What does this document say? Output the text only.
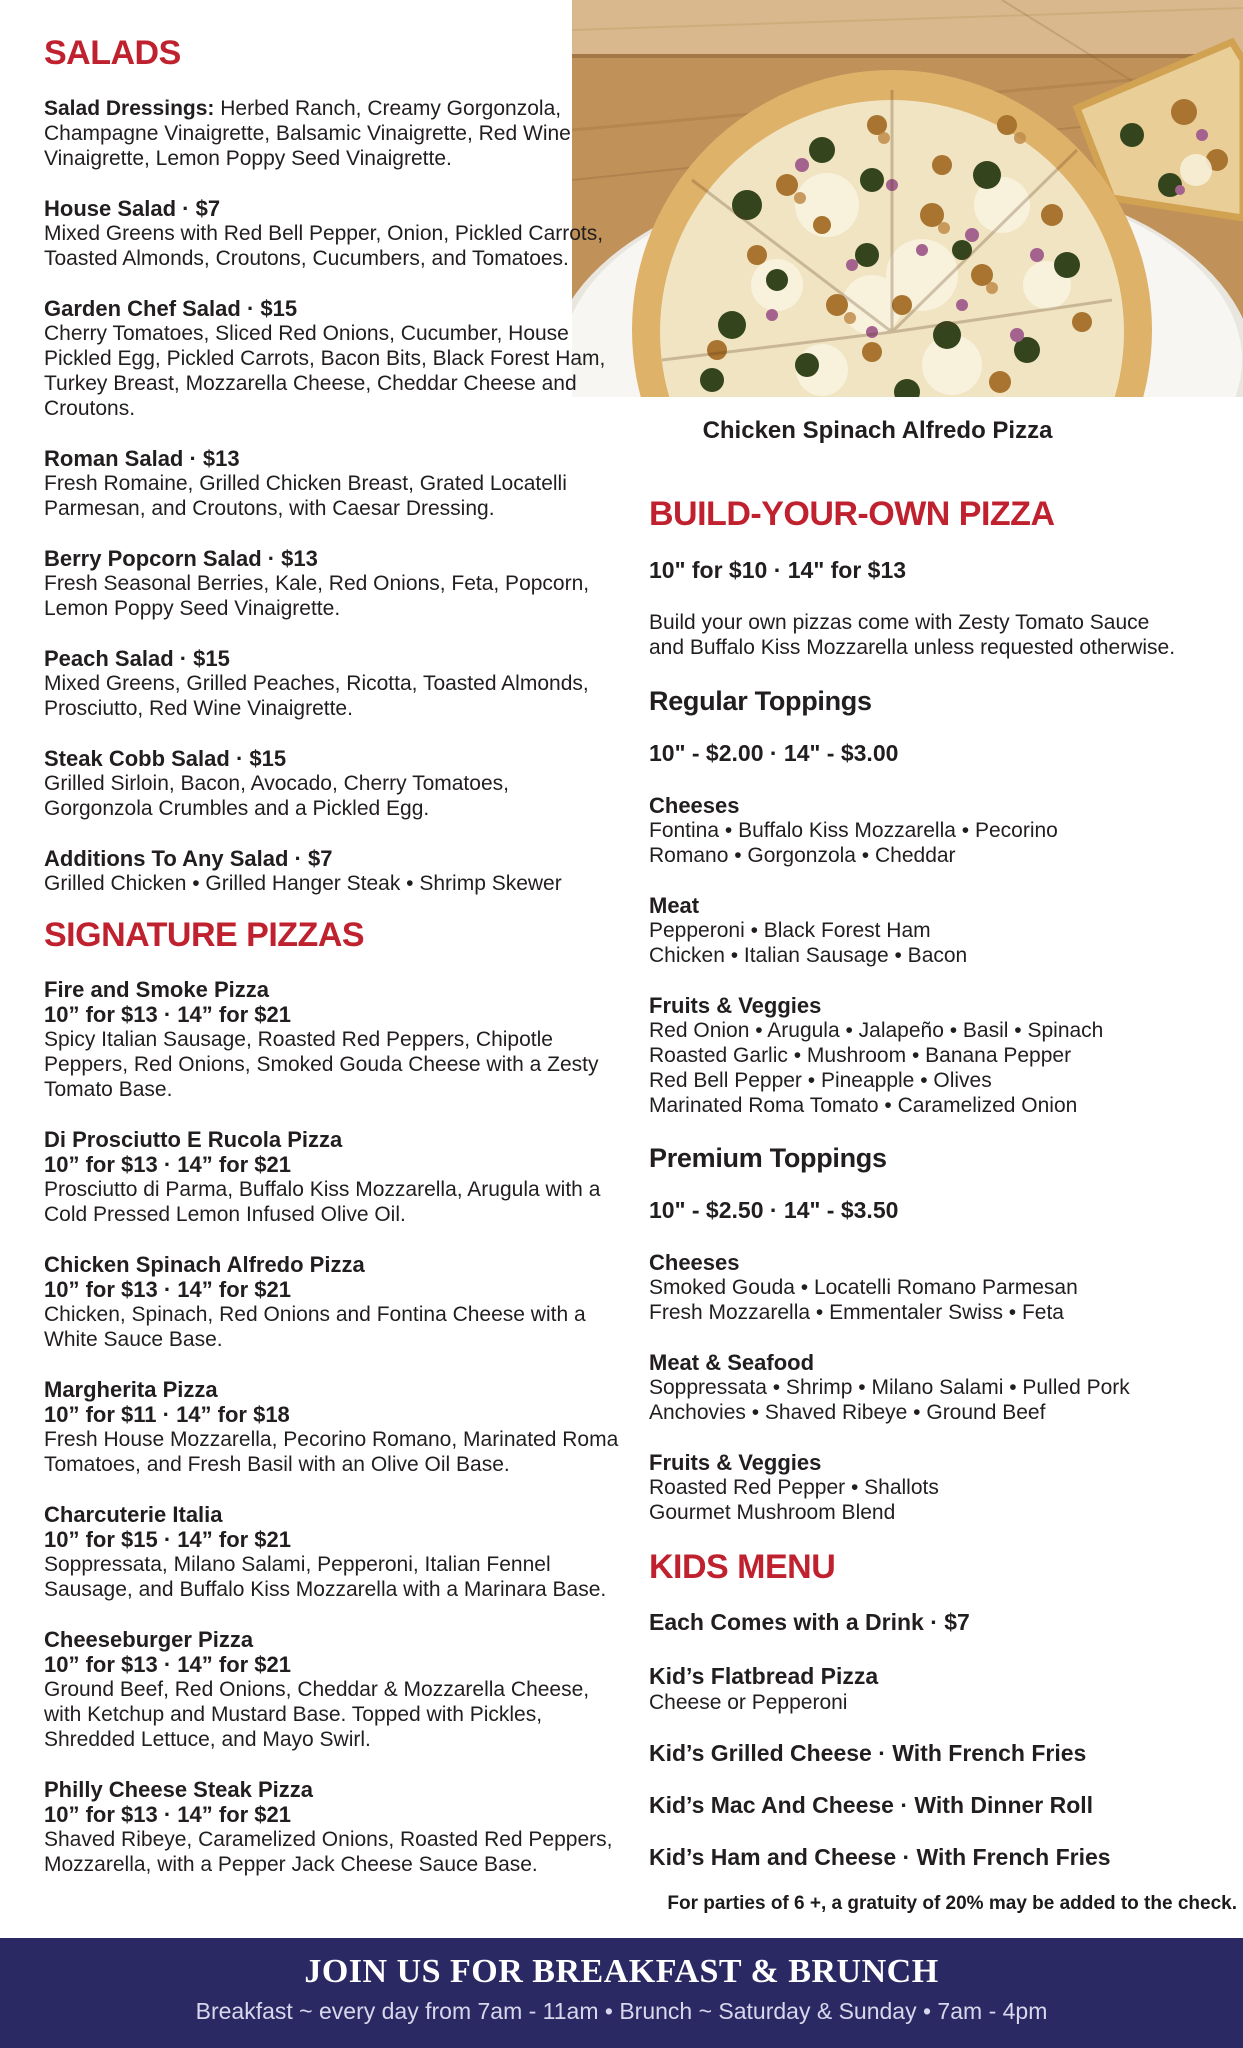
Chicken Spinach Alfredo Pizza
SALADS

Salad Dressings: Herbed Ranch, Creamy Gorgonzola, Champagne Vinaigrette, Balsamic Vinaigrette, Red Wine Vinaigrette, Lemon Poppy Seed Vinaigrette.

House Salad · $7
Mixed Greens with Red Bell Pepper, Onion, Pickled Carrots, Toasted Almonds, Croutons, Cucumbers, and Tomatoes.
Garden Chef Salad · $15
Cherry Tomatoes, Sliced Red Onions, Cucumber, House Pickled Egg, Pickled Carrots, Bacon Bits, Black Forest Ham, Turkey Breast, Mozzarella Cheese, Cheddar Cheese and Croutons.
Roman Salad · $13
Fresh Romaine, Grilled Chicken Breast, Grated Locatelli Parmesan, and Croutons, with Caesar Dressing.
Berry Popcorn Salad · $13
Fresh Seasonal Berries, Kale, Red Onions, Feta, Popcorn, Lemon Poppy Seed Vinaigrette.
Peach Salad · $15
Mixed Greens, Grilled Peaches, Ricotta, Toasted Almonds, Prosciutto, Red Wine Vinaigrette.
Steak Cobb Salad · $15
Grilled Sirloin, Bacon, Avocado, Cherry Tomatoes, Gorgonzola Crumbles and a Pickled Egg.
Additions To Any Salad · $7
Grilled Chicken • Grilled Hanger Steak • Shrimp Skewer
SIGNATURE PIZZAS
Fire and Smoke Pizza
10” for $13 · 14” for $21
Spicy Italian Sausage, Roasted Red Peppers, Chipotle Peppers, Red Onions, Smoked Gouda Cheese with a Zesty Tomato Base.
Di Prosciutto E Rucola Pizza
10” for $13 · 14” for $21
Prosciutto di Parma, Buffalo Kiss Mozzarella, Arugula with a Cold Pressed Lemon Infused Olive Oil.
Chicken Spinach Alfredo Pizza
10” for $13 · 14” for $21
Chicken, Spinach, Red Onions and Fontina Cheese with a White Sauce Base.
Margherita Pizza
10” for $11 · 14” for $18
Fresh House Mozzarella, Pecorino Romano, Marinated Roma Tomatoes, and Fresh Basil with an Olive Oil Base.
Charcuterie Italia
10” for $15 · 14” for $21
Soppressata, Milano Salami, Pepperoni, Italian Fennel Sausage, and Buffalo Kiss Mozzarella with a Marinara Base.
Cheeseburger Pizza
10” for $13 · 14” for $21
Ground Beef, Red Onions, Cheddar & Mozzarella Cheese, with Ketchup and Mustard Base. Topped with Pickles, Shredded Lettuce, and Mayo Swirl.
Philly Cheese Steak Pizza
10” for $13 · 14” for $21
Shaved Ribeye, Caramelized Onions, Roasted Red Peppers, Mozzarella, with a Pepper Jack Cheese Sauce Base.
BUILD-YOUR-OWN PIZZA
10" for $10 · 14" for $13
Build your own pizzas come with Zesty Tomato Sauce
and Buffalo Kiss Mozzarella unless requested otherwise.
Regular Toppings
10" - $2.00 · 14" - $3.00
Cheeses
Fontina • Buffalo Kiss Mozzarella • Pecorino
Romano • Gorgonzola • Cheddar
Meat
Pepperoni • Black Forest Ham
Chicken • Italian Sausage • Bacon
Fruits & Veggies
Red Onion • Arugula • Jalapeño • Basil • Spinach
Roasted Garlic • Mushroom • Banana Pepper
Red Bell Pepper • Pineapple • Olives
Marinated Roma Tomato • Caramelized Onion
Premium Toppings
10" - $2.50 · 14" - $3.50
Cheeses
Smoked Gouda • Locatelli Romano Parmesan
Fresh Mozzarella • Emmentaler Swiss • Feta
Meat & Seafood
Soppressata • Shrimp • Milano Salami • Pulled Pork
Anchovies • Shaved Ribeye • Ground Beef
Fruits & Veggies
Roasted Red Pepper • Shallots
Gourmet Mushroom Blend
KIDS MENU
Each Comes with a Drink · $7
Kid’s Flatbread Pizza
Cheese or Pepperoni
Kid’s Grilled Cheese · With French Fries
Kid’s Mac And Cheese · With Dinner Roll
Kid’s Ham and Cheese · With French Fries
For parties of 6 +, a gratuity of 20% may be added to the check.
JOIN US FOR BREAKFAST & BRUNCH
Breakfast ~ every day from 7am - 11am • Brunch ~ Saturday & Sunday • 7am - 4pm
